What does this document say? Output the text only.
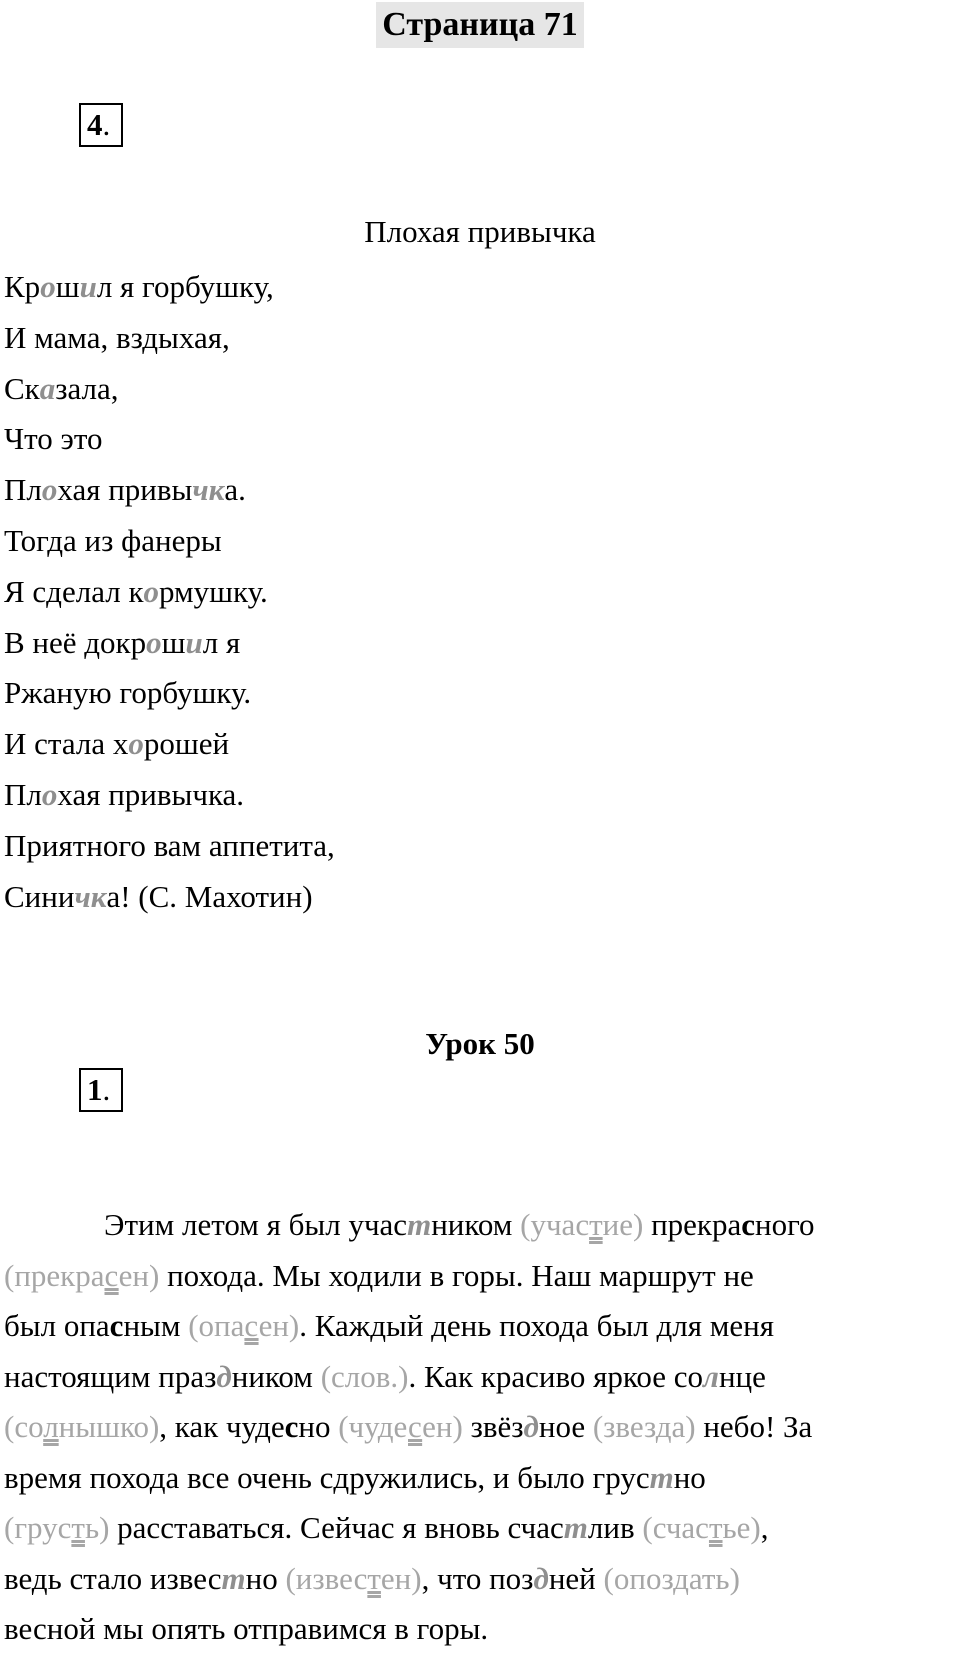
Страница 71
4.
Плохая привычка
Крошил я горбушку,
И мама, вздыхая,
Сказала,
Что это
Плохая привычка.
Тогда из фанеры
Я сделал кормушку.
В неё докрошил я
Ржаную горбушку.
И стала хорошей
Плохая привычка.
Приятного вам аппетита,
Синичка! (С. Махотин)
Урок 50
1.
Этим летом я был участником (участие) прекрасного
(прекрасен) похода. Мы ходили в горы. Наш маршрут не
был опасным (опасен). Каждый день похода был для меня
настоящим праздником (слов.). Как красиво яркое солнце
(солнышко), как чудесно (чудесен) звёздное (звезда) небо! За
время похода все очень сдружились, и было грустно
(грусть) расставаться. Сейчас я вновь счастлив (счастье),
ведь стало известно (известен), что поздней (опоздать)
весной мы опять отправимся в горы.
